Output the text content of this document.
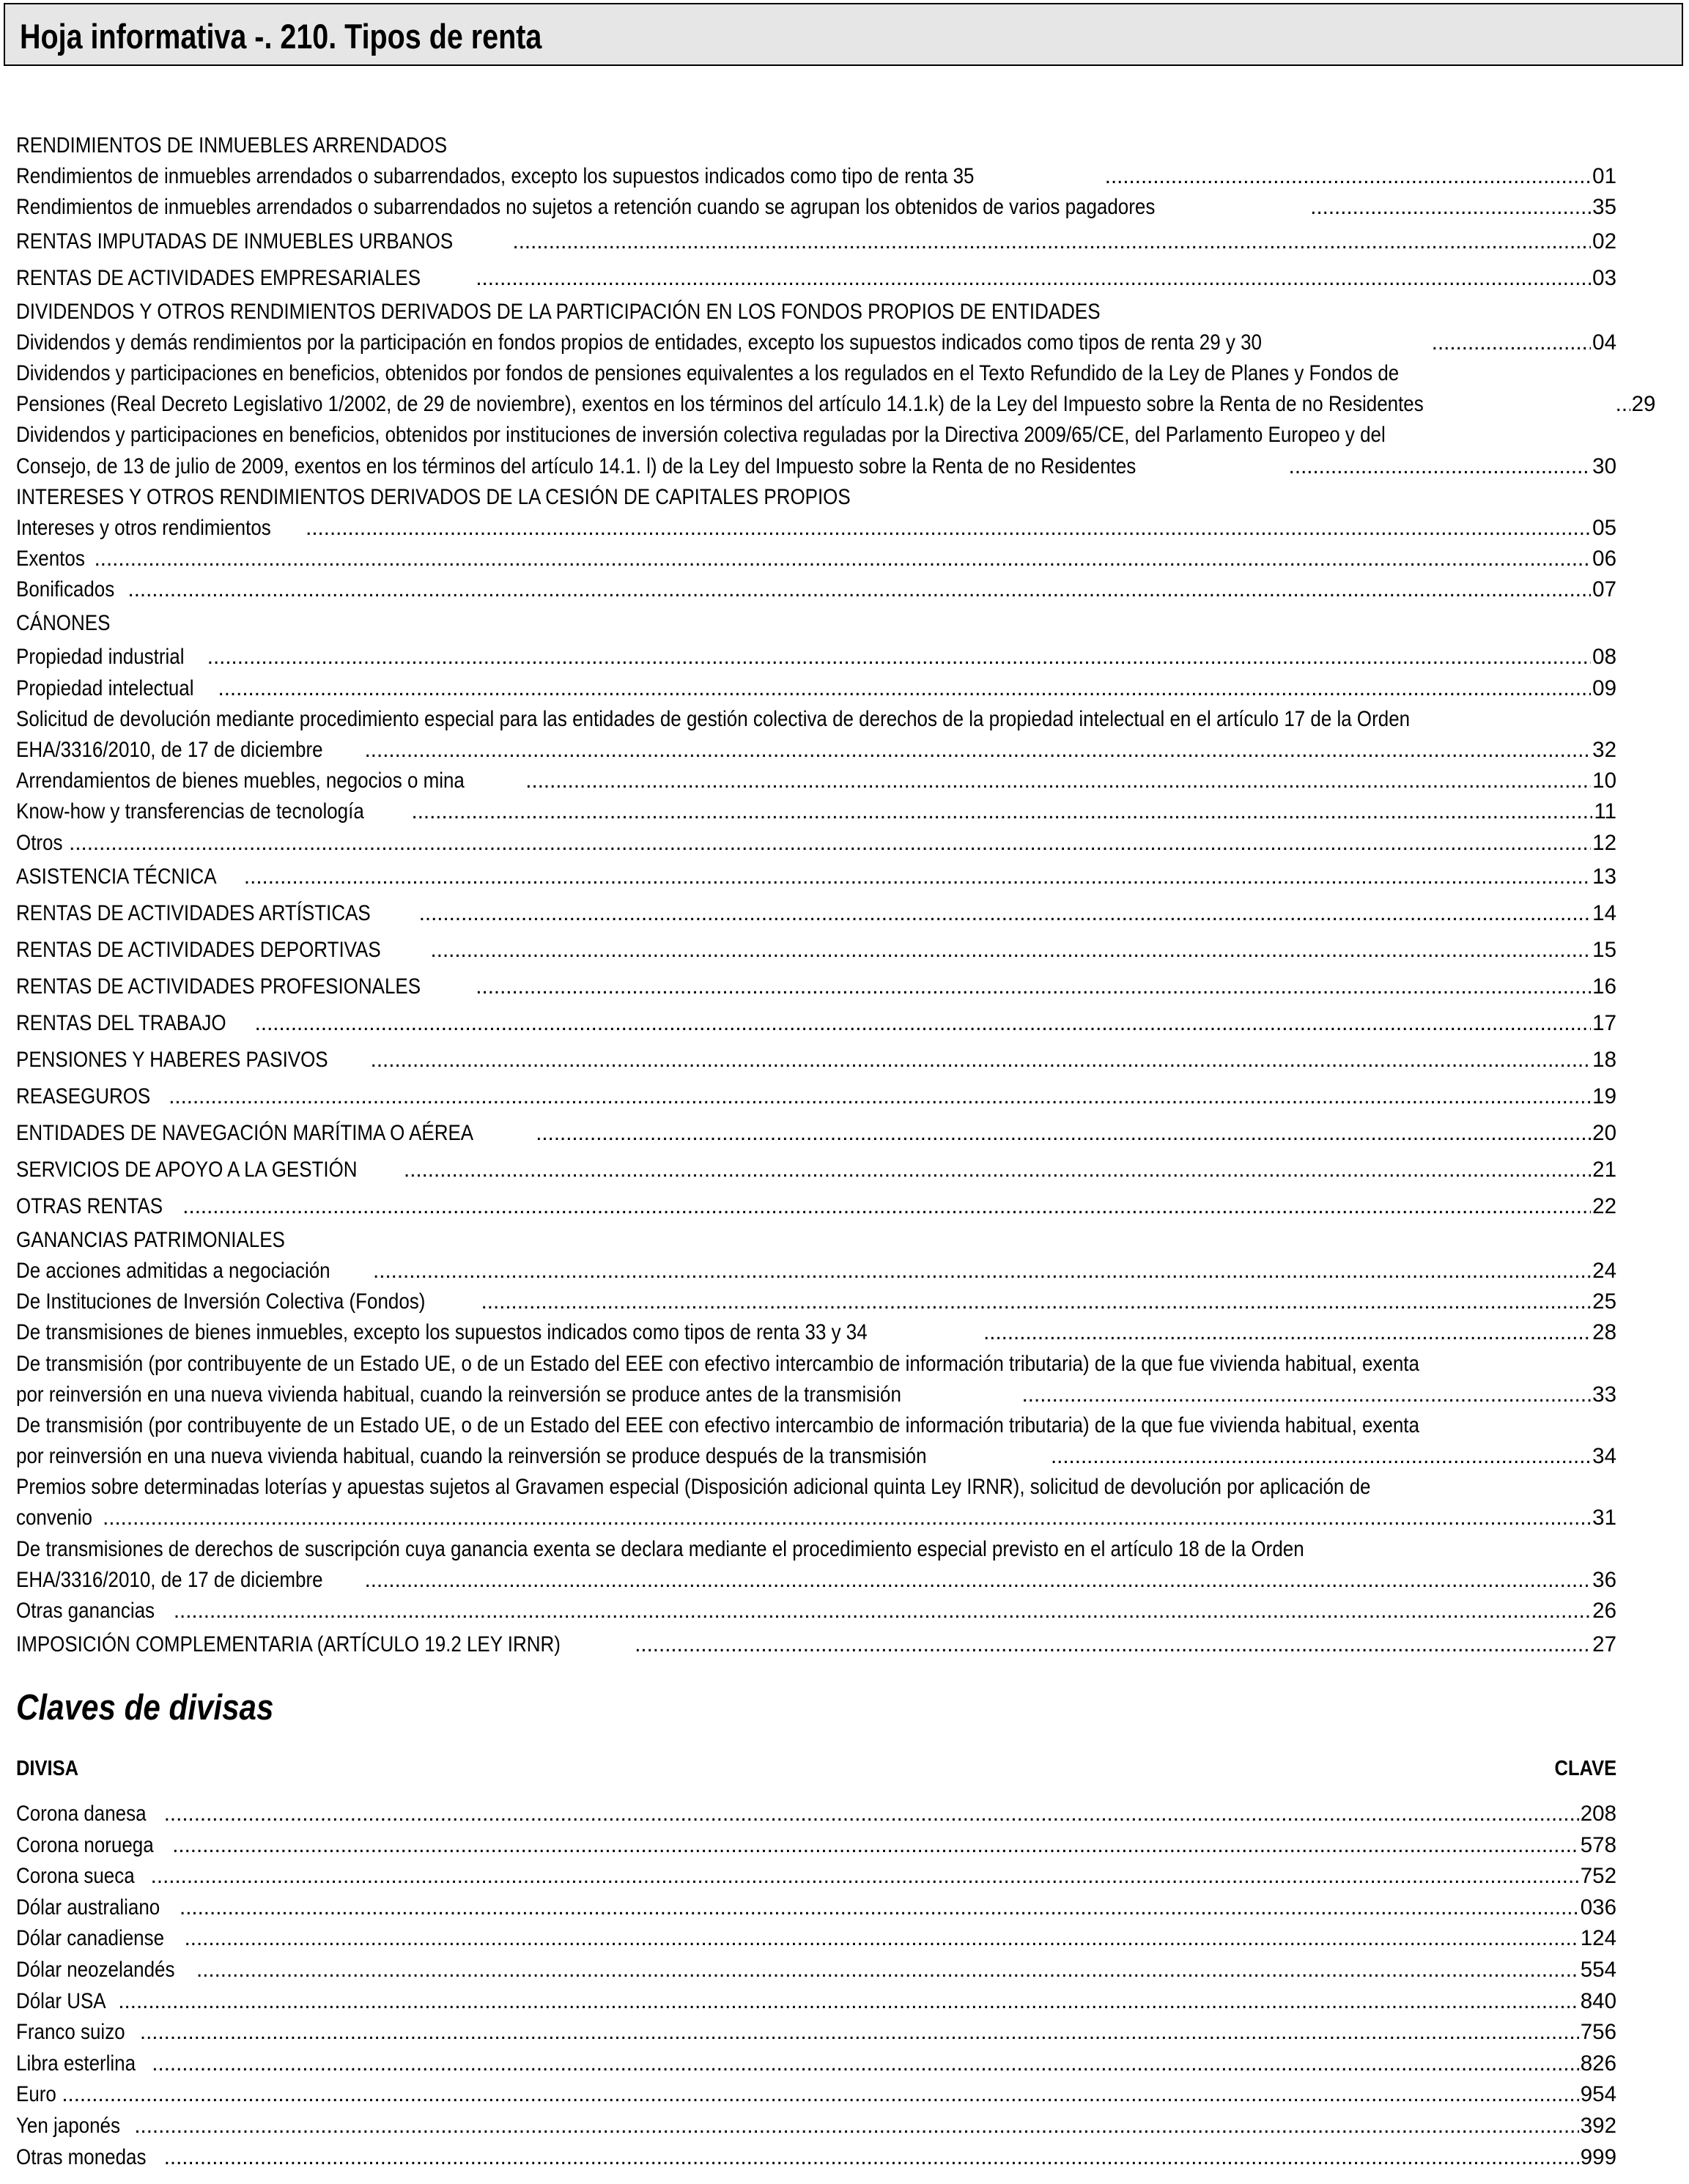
Hoja informativa -. 210. Tipos de renta
RENDIMIENTOS DE INMUEBLES ARRENDADOS
Rendimientos de inmuebles arrendados o subarrendados, excepto los supuestos indicados como tipo de renta 35 .....	01
Rendimientos de inmuebles arrendados o subarrendados no sujetos a retención cuando se agrupan los obtenidos de varios pagadores .....	35
RENTAS IMPUTADAS DE INMUEBLES URBANOS .....	02
RENTAS DE ACTIVIDADES EMPRESARIALES .....	03
DIVIDENDOS Y OTROS RENDIMIENTOS DERIVADOS DE LA PARTICIPACIÓN EN LOS FONDOS PROPIOS DE ENTIDADES
Dividendos y demás rendimientos por la participación en fondos propios de entidades, excepto los supuestos indicados como tipos de renta 29 y 30 .....	04
Dividendos y participaciones en beneficios, obtenidos por fondos de pensiones equivalentes a los regulados en el Texto Refundido de la Ley de Planes y Fondos de
Pensiones (Real Decreto Legislativo 1/2002, de 29 de noviembre), exentos en los términos del artículo 14.1.k) de la Ley del Impuesto sobre la Renta de no Residentes .....	29
Dividendos y participaciones en beneficios, obtenidos por instituciones de inversión colectiva reguladas por la Directiva 2009/65/CE, del Parlamento Europeo y del
Consejo, de 13 de julio de 2009, exentos en los términos del artículo 14.1. l) de la Ley del Impuesto sobre la Renta de no Residentes .....	30
INTERESES Y OTROS RENDIMIENTOS DERIVADOS DE LA CESIÓN DE CAPITALES PROPIOS
Intereses y otros rendimientos .....	05
Exentos .....	06
Bonificados .....	07
CÁNONES
Propiedad industrial .....	08
Propiedad intelectual .....	09
Solicitud de devolución mediante procedimiento especial para las entidades de gestión colectiva de derechos de la propiedad intelectual en el artículo 17 de la Orden
EHA/3316/2010, de 17 de diciembre .....	32
Arrendamientos de bienes muebles, negocios o mina .....	10
Know-how y transferencias de tecnología .....	11
Otros .....	12
ASISTENCIA TÉCNICA .....	13
RENTAS DE ACTIVIDADES ARTÍSTICAS .....	14
RENTAS DE ACTIVIDADES DEPORTIVAS .....	15
RENTAS DE ACTIVIDADES PROFESIONALES .....	16
RENTAS DEL TRABAJO .....	17
PENSIONES Y HABERES PASIVOS .....	18
REASEGUROS .....	19
ENTIDADES DE NAVEGACIÓN MARÍTIMA O AÉREA .....	20
SERVICIOS DE APOYO A LA GESTIÓN .....	21
OTRAS RENTAS .....	22
GANANCIAS PATRIMONIALES
De acciones admitidas a negociación .....	24
De Instituciones de Inversión Colectiva (Fondos) .....	25
De transmisiones de bienes inmuebles, excepto los supuestos indicados como tipos de renta 33 y 34 .....	28
De transmisión (por contribuyente de un Estado UE, o de un Estado del EEE con efectivo intercambio de información tributaria) de la que fue vivienda habitual, exenta
por reinversión en una nueva vivienda habitual, cuando la reinversión se produce antes de la transmisión .....	33
De transmisión (por contribuyente de un Estado UE, o de un Estado del EEE con efectivo intercambio de información tributaria) de la que fue vivienda habitual, exenta
por reinversión en una nueva vivienda habitual, cuando la reinversión se produce después de la transmisión .....	34
Premios sobre determinadas loterías y apuestas sujetos al Gravamen especial (Disposición adicional quinta Ley IRNR), solicitud de devolución por aplicación de
convenio .....	31
De transmisiones de derechos de suscripción cuya ganancia exenta se declara mediante el procedimiento especial previsto en el artículo 18 de la Orden
EHA/3316/2010, de 17 de diciembre .....	36
Otras ganancias .....	26
IMPOSICIÓN COMPLEMENTARIA (ARTÍCULO 19.2 LEY IRNR) .....	27
Claves de divisas
DIVISA	CLAVE
Corona danesa .....	208
Corona noruega .....	578
Corona sueca .....	752
Dólar australiano .....	036
Dólar canadiense .....	124
Dólar neozelandés .....	554
Dólar USA .....	840
Franco suizo .....	756
Libra esterlina .....	826
Euro .....	954
Yen japonés .....	392
Otras monedas .....	999
